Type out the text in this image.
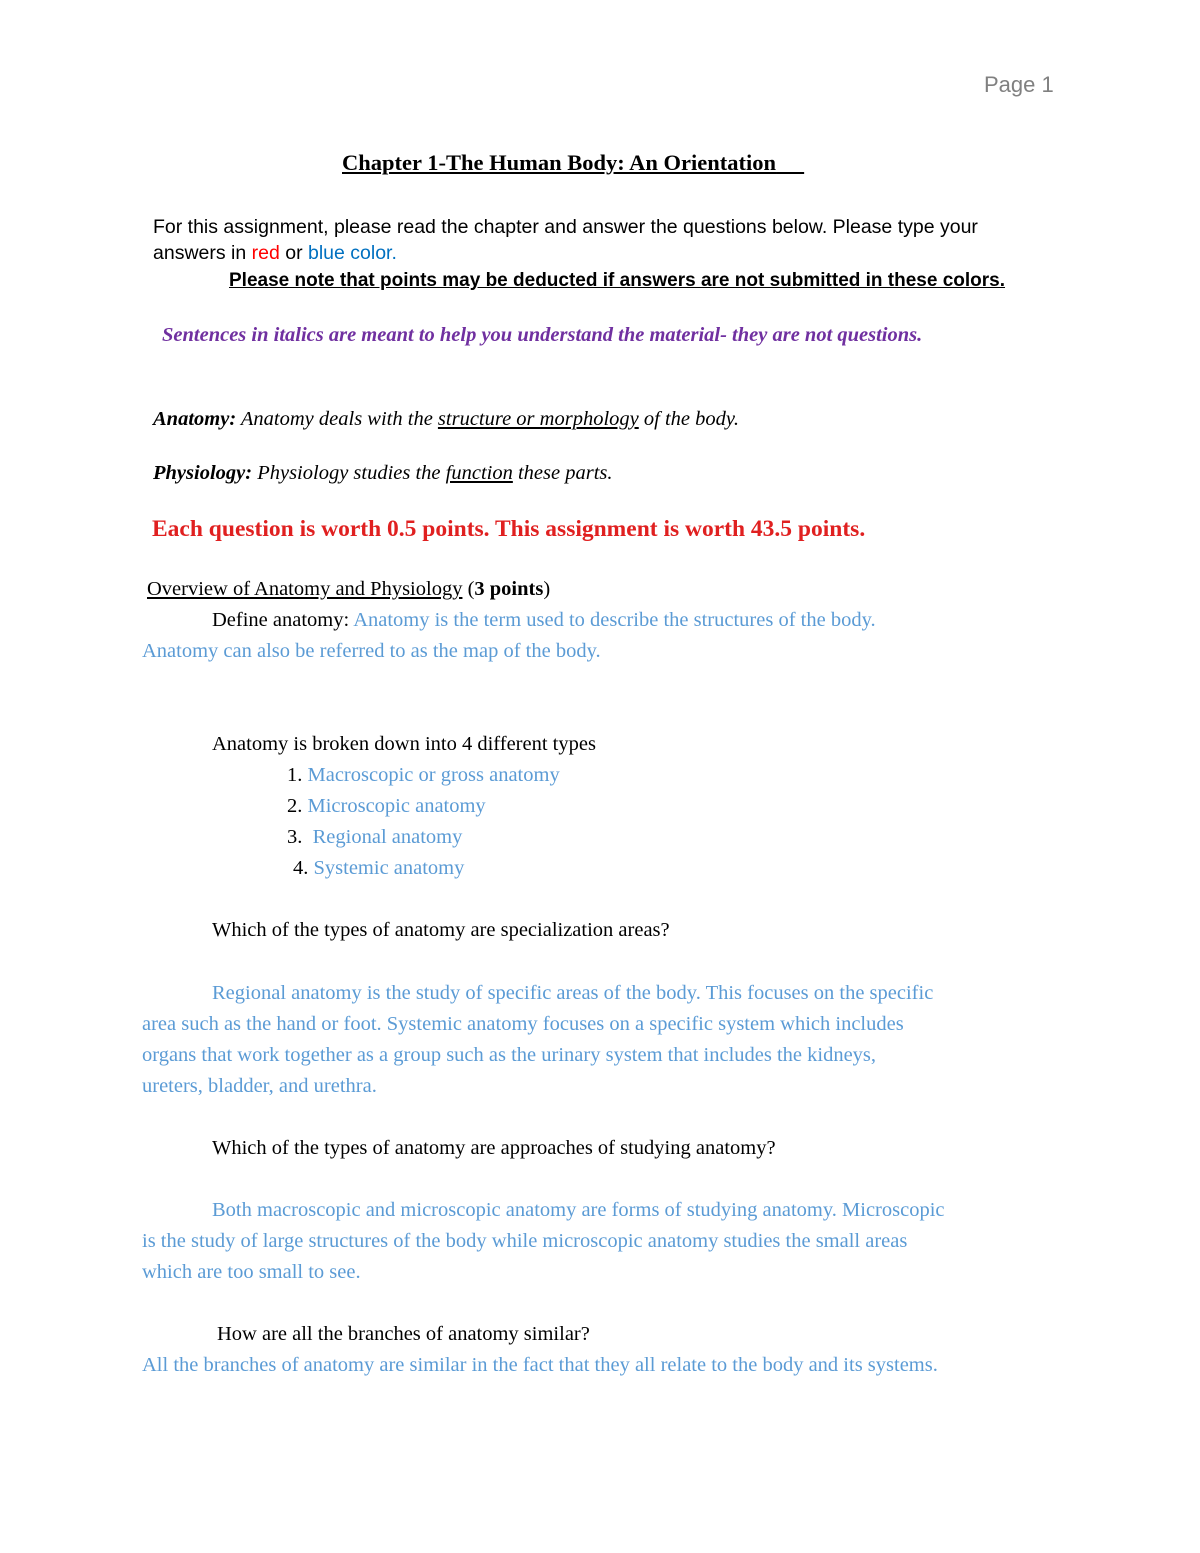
Page 1
Chapter 1-The Human Body: An Orientation
For this assignment, please read the chapter and answer the questions below. Please type your
answers in red or blue color.
Please note that points may be deducted if answers are not submitted in these colors.
Sentences in italics are meant to help you understand the material- they are not questions.
Anatomy: Anatomy deals with the structure or morphology of the body.
Physiology: Physiology studies the function these parts.
Each question is worth 0.5 points. This assignment is worth 43.5 points.
Overview of Anatomy and Physiology (3 points)
Define anatomy: Anatomy is the term used to describe the structures of the body.
Anatomy can also be referred to as the map of the body.
Anatomy is broken down into 4 different types
1. Macroscopic or gross anatomy
2. Microscopic anatomy
3. Regional anatomy
4. Systemic anatomy
Which of the types of anatomy are specialization areas?
Regional anatomy is the study of specific areas of the body. This focuses on the specific
area such as the hand or foot. Systemic anatomy focuses on a specific system which includes
organs that work together as a group such as the urinary system that includes the kidneys,
ureters, bladder, and urethra.
Which of the types of anatomy are approaches of studying anatomy?
Both macroscopic and microscopic anatomy are forms of studying anatomy. Microscopic
is the study of large structures of the body while microscopic anatomy studies the small areas
which are too small to see.
How are all the branches of anatomy similar?
All the branches of anatomy are similar in the fact that they all relate to the body and its systems.
